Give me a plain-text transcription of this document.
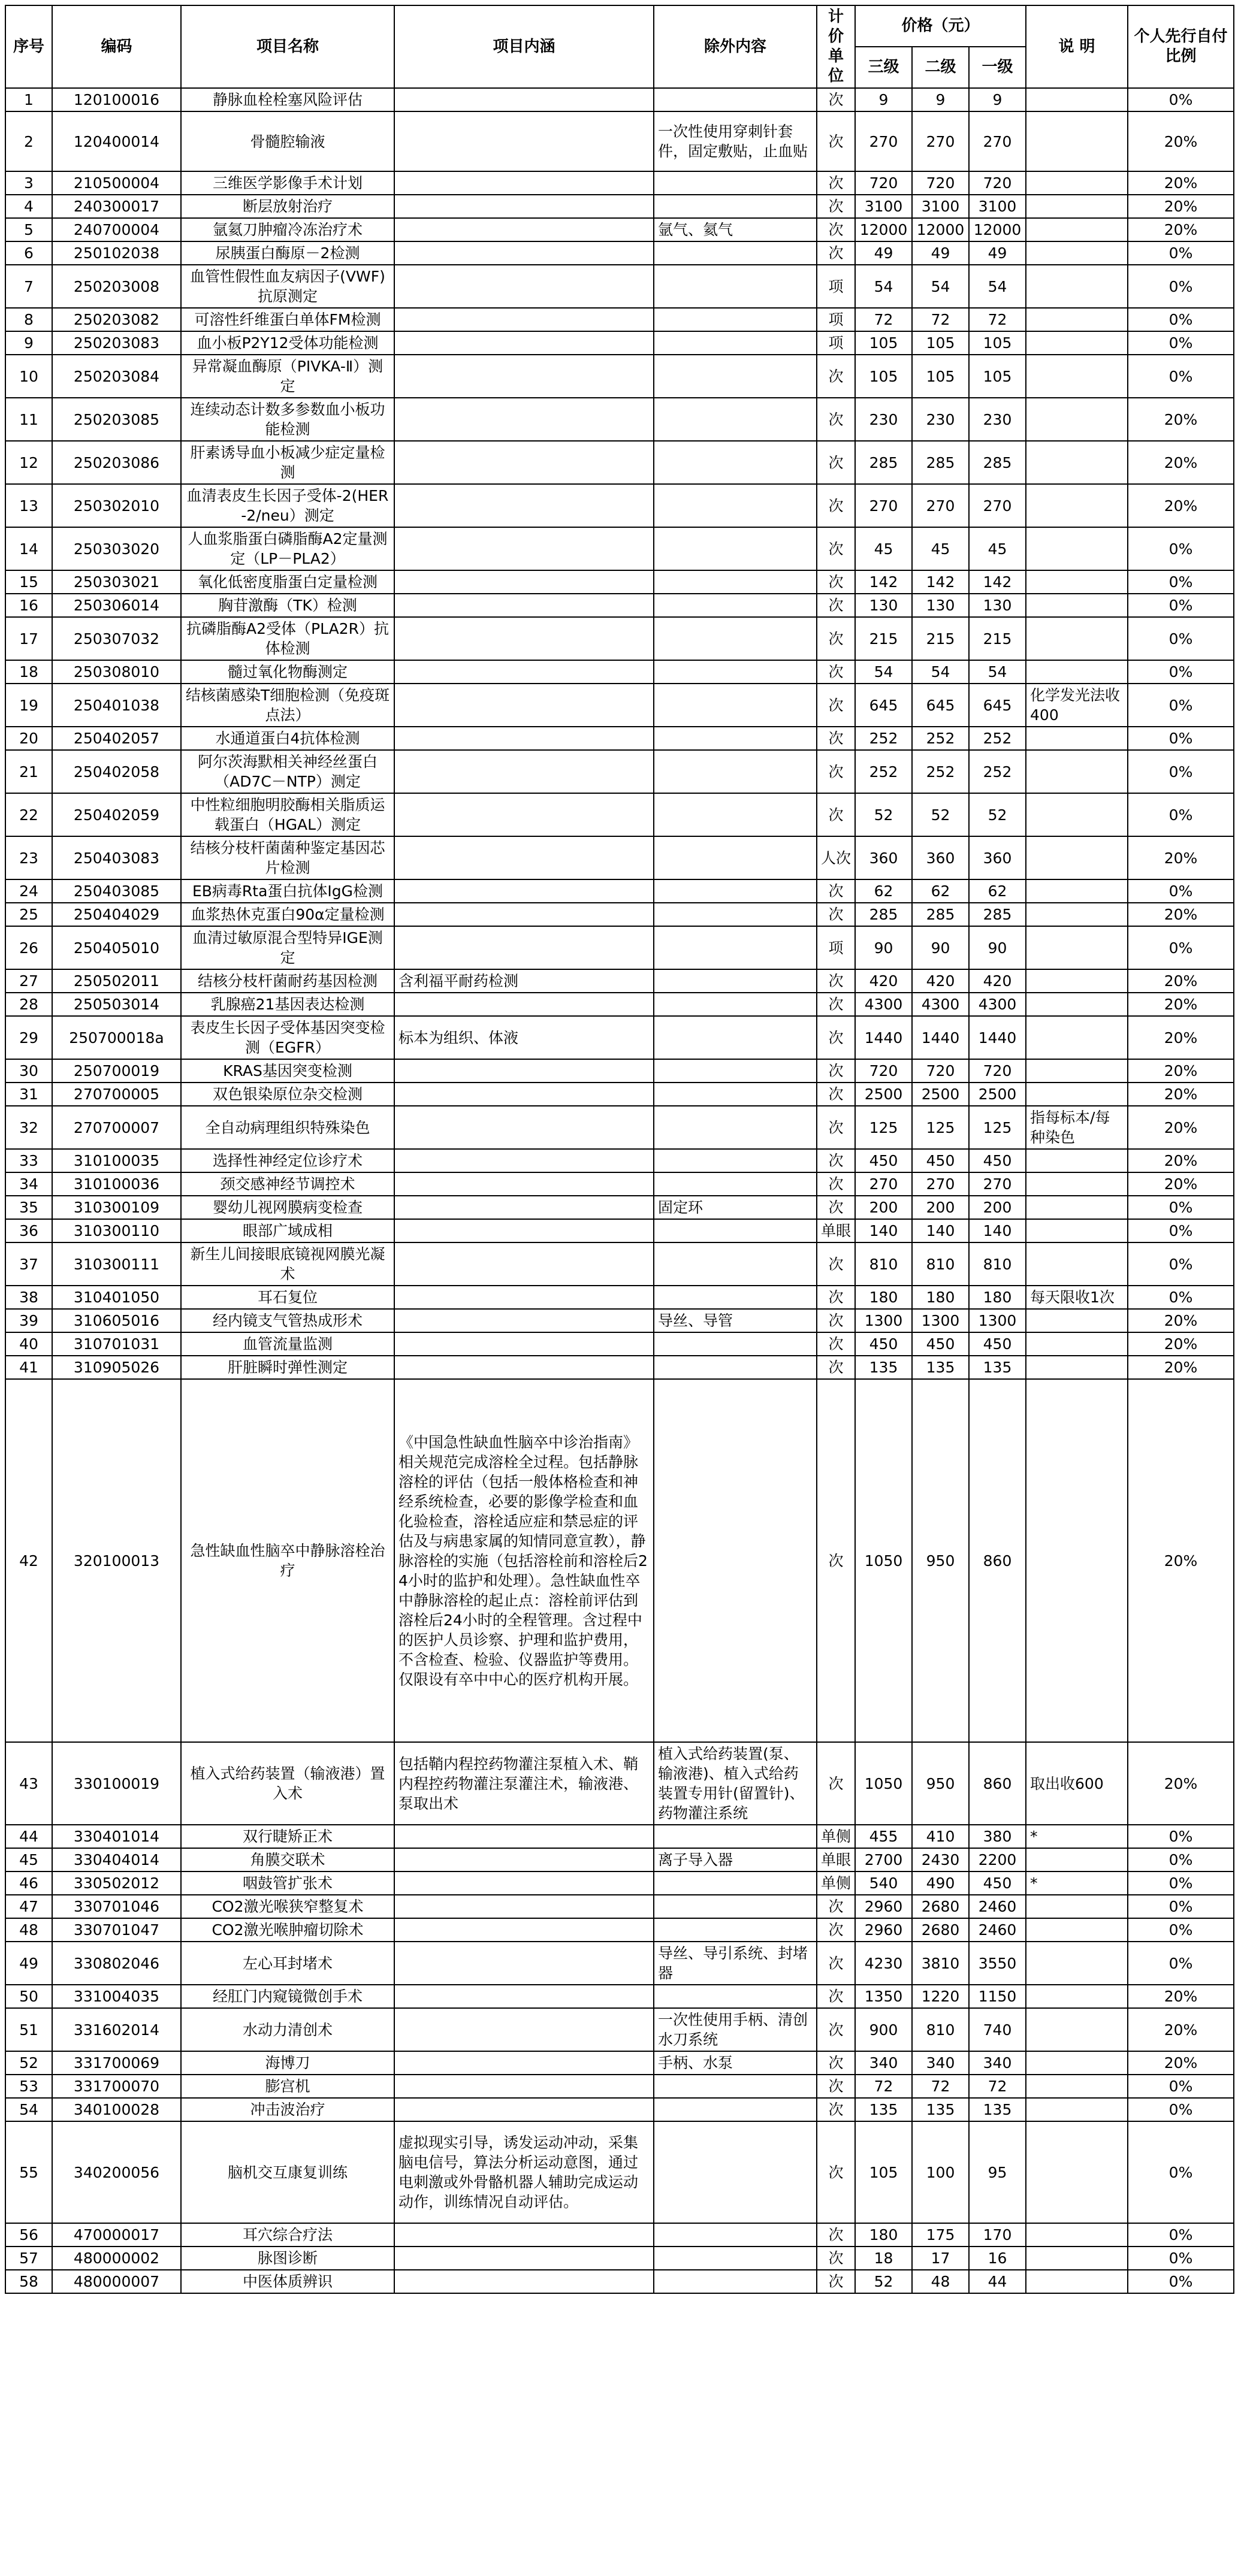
序号	编码	项目名称	项目内涵	除外内容	计价单位	价格（元）			说 明	个人先行自付比例
						三级	二级	一级		
1	120100016	静脉血栓栓塞风险评估			次	9	9	9		0%
2	120400014	骨髓腔输液		一次性使用穿刺针套件，固定敷贴，止血贴	次	270	270	270		20%
3	210500004	三维医学影像手术计划			次	720	720	720		20%
4	240300017	断层放射治疗			次	3100	3100	3100		20%
5	240700004	氩氦刀肿瘤冷冻治疗术		氩气、氦气	次	12000	12000	12000		20%
6	250102038	尿胰蛋白酶原－2检测			次	49	49	49		0%
7	250203008	血管性假性血友病因子(VWF)抗原测定			项	54	54	54		0%
8	250203082	可溶性纤维蛋白单体FM检测			项	72	72	72		0%
9	250203083	血小板P2Y12受体功能检测			项	105	105	105		0%
10	250203084	异常凝血酶原（PIVKA-Ⅱ）测定			次	105	105	105		0%
11	250203085	连续动态计数多参数血小板功能检测			次	230	230	230		20%
12	250203086	肝素诱导血小板减少症定量检测			次	285	285	285		20%
13	250302010	血清表皮生长因子受体-2(HER-2/neu）测定			次	270	270	270		20%
14	250303020	人血浆脂蛋白磷脂酶A2定量测定（LP－PLA2）			次	45	45	45		0%
15	250303021	氧化低密度脂蛋白定量检测			次	142	142	142		0%
16	250306014	胸苷激酶（TK）检测			次	130	130	130		0%
17	250307032	抗磷脂酶A2受体（PLA2R）抗体检测			次	215	215	215		0%
18	250308010	髓过氧化物酶测定			次	54	54	54		0%
19	250401038	结核菌感染T细胞检测（免疫斑点法）			次	645	645	645	化学发光法收400	0%
20	250402057	水通道蛋白4抗体检测			次	252	252	252		0%
21	250402058	阿尔茨海默相关神经丝蛋白（AD7C－NTP）测定			次	252	252	252		0%
22	250402059	中性粒细胞明胶酶相关脂质运载蛋白（HGAL）测定			次	52	52	52		0%
23	250403083	结核分枝杆菌菌种鉴定基因芯片检测			人次	360	360	360		20%
24	250403085	EB病毒Rta蛋白抗体IgG检测			次	62	62	62		0%
25	250404029	血浆热休克蛋白90α定量检测			次	285	285	285		20%
26	250405010	血清过敏原混合型特异IGE测定			项	90	90	90		0%
27	250502011	结核分枝杆菌耐药基因检测	含利福平耐药检测		次	420	420	420		20%
28	250503014	乳腺癌21基因表达检测			次	4300	4300	4300		20%
29	250700018a	表皮生长因子受体基因突变检测（EGFR）	标本为组织、体液		次	1440	1440	1440		20%
30	250700019	KRAS基因突变检测			次	720	720	720		20%
31	270700005	双色银染原位杂交检测			次	2500	2500	2500		20%
32	270700007	全自动病理组织特殊染色			次	125	125	125	指每标本/每种染色	20%
33	310100035	选择性神经定位诊疗术			次	450	450	450		20%
34	310100036	颈交感神经节调控术			次	270	270	270		20%
35	310300109	婴幼儿视网膜病变检查		固定环	次	200	200	200		0%
36	310300110	眼部广域成相			单眼	140	140	140		0%
37	310300111	新生儿间接眼底镜视网膜光凝术			次	810	810	810		0%
38	310401050	耳石复位			次	180	180	180	每天限收1次	0%
39	310605016	经内镜支气管热成形术		导丝、导管	次	1300	1300	1300		20%
40	310701031	血管流量监测			次	450	450	450		20%
41	310905026	肝脏瞬时弹性测定			次	135	135	135		20%
42	320100013	急性缺血性脑卒中静脉溶栓治疗	《中国急性缺血性脑卒中诊治指南》相关规范完成溶栓全过程。包括静脉溶栓的评估（包括一般体格检查和神经系统检查，必要的影像学检查和血化验检查，溶栓适应症和禁忌症的评估及与病患家属的知情同意宣教），静脉溶栓的实施（包括溶栓前和溶栓后24小时的监护和处理）。急性缺血性卒中静脉溶栓的起止点：溶栓前评估到溶栓后24小时的全程管理。含过程中的医护人员诊察、护理和监护费用，不含检查、检验、仪器监护等费用。仅限设有卒中中心的医疗机构开展。		次	1050	950	860		20%
43	330100019	植入式给药装置（输液港）置入术	包括鞘内程控药物灌注泵植入术、鞘内程控药物灌注泵灌注术，输液港、泵取出术	植入式给药装置(泵、输液港)、植入式给药装置专用针(留置针)、药物灌注系统	次	1050	950	860	取出收600	20%
44	330401014	双行睫矫正术			单侧	455	410	380	*	0%
45	330404014	角膜交联术		离子导入器	单眼	2700	2430	2200		0%
46	330502012	咽鼓管扩张术			单侧	540	490	450	*	0%
47	330701046	CO2激光喉狭窄整复术			次	2960	2680	2460		0%
48	330701047	CO2激光喉肿瘤切除术			次	2960	2680	2460		0%
49	330802046	左心耳封堵术		导丝、导引系统、封堵器	次	4230	3810	3550		0%
50	331004035	经肛门内窥镜微创手术			次	1350	1220	1150		20%
51	331602014	水动力清创术		一次性使用手柄、清创水刀系统	次	900	810	740		20%
52	331700069	海博刀		手柄、水泵	次	340	340	340		20%
53	331700070	膨宫机			次	72	72	72		0%
54	340100028	冲击波治疗			次	135	135	135		0%
55	340200056	脑机交互康复训练	虚拟现实引导，诱发运动冲动，采集脑电信号，算法分析运动意图，通过电刺激或外骨骼机器人辅助完成运动动作，训练情况自动评估。		次	105	100	95		0%
56	470000017	耳穴综合疗法			次	180	175	170		0%
57	480000002	脉图诊断			次	18	17	16		0%
58	480000007	中医体质辨识			次	52	48	44		0%
